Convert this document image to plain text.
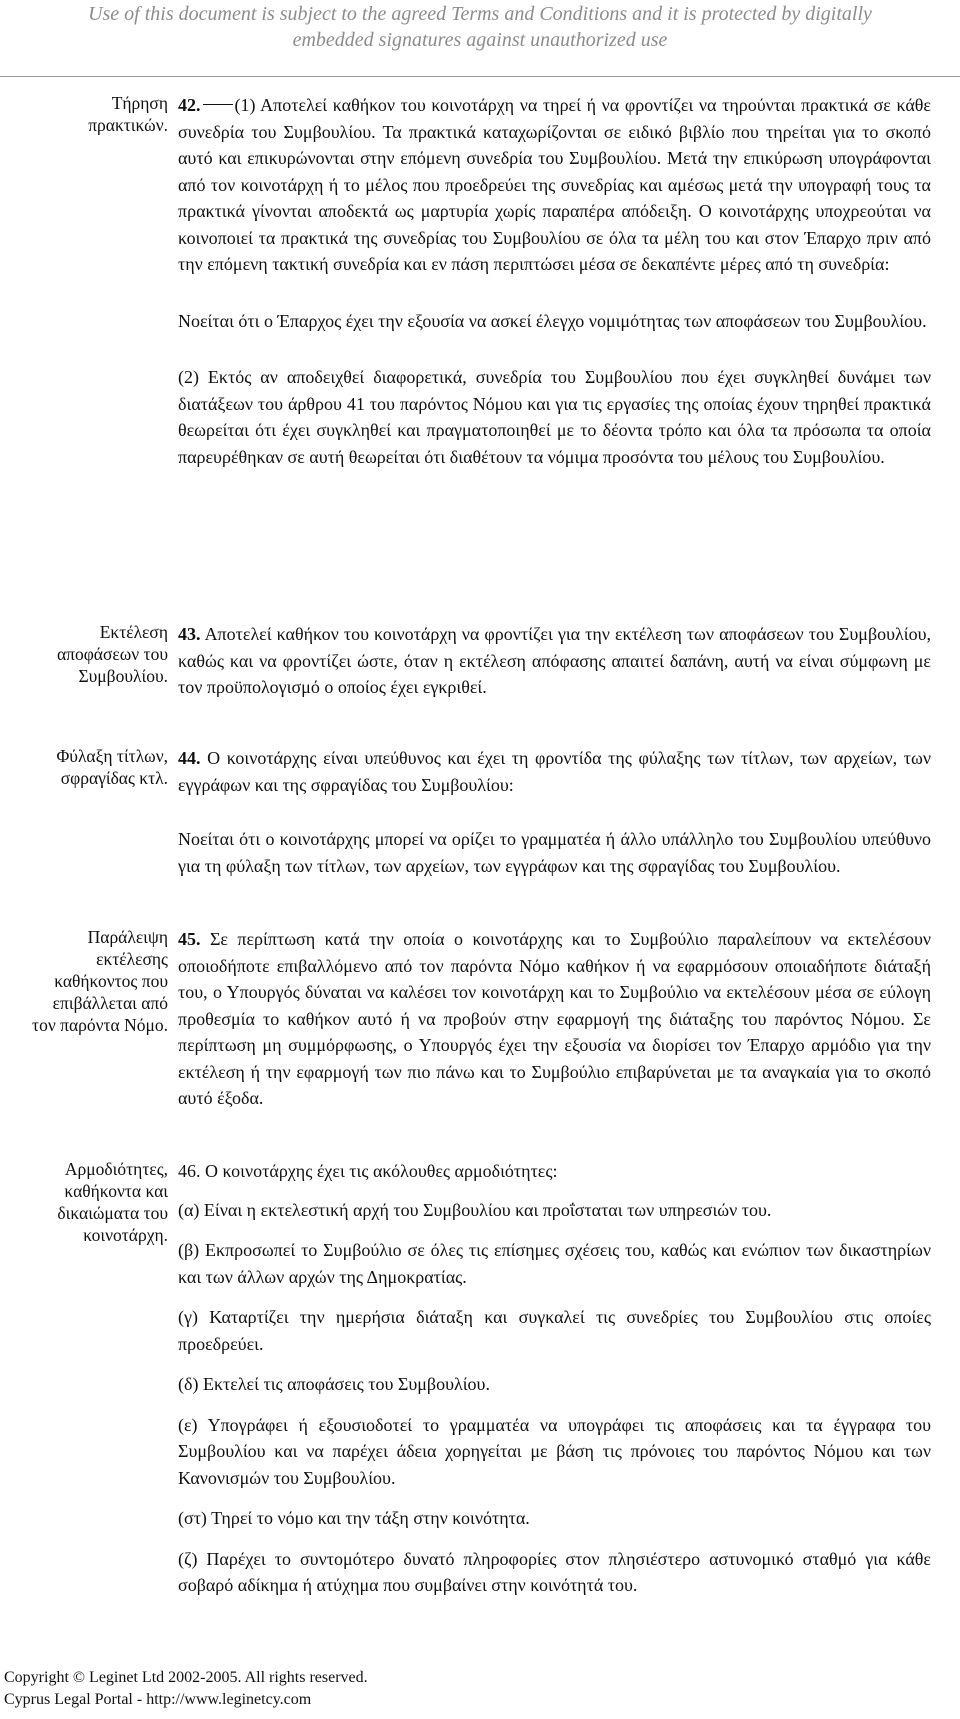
Use of this document is subject to the agreed Terms and Conditions and it is protected by digitally
embedded signatures against unauthorized use
Τήρηση
πρακτικών.

42. (1) Αποτελεί καθήκον του κοινοτάρχη να τηρεί ή να φροντίζει να τηρούνται πρακτικά σε κάθε συνεδρία του Συμβουλίου. Τα πρακτικά καταχωρίζονται σε ειδικό βιβλίο που τηρείται για το σκοπό αυτό και επικυρώνονται στην επόμενη συνεδρία του Συμβουλίου. Μετά την επικύρωση υπογράφονται από τον κοινοτάρχη ή το μέλος που προεδρεύει της συνεδρίας και αμέσως μετά την υπογραφή τους τα πρακτικά γίνονται αποδεκτά ως μαρτυρία χωρίς παραπέρα απόδειξη. Ο κοινοτάρχης υποχρεούται να κοινοποιεί τα πρακτικά της συνεδρίας του Συμβουλίου σε όλα τα μέλη του και στον Έπαρχο πριν από την επόμενη τακτική συνεδρία και εν πάση περιπτώσει μέσα σε δεκαπέντε μέρες από τη συνεδρία:

Νοείται ότι ο Έπαρχος έχει την εξουσία να ασκεί έλεγχο νομιμότητας των αποφάσεων του Συμβουλίου.

(2) Εκτός αν αποδειχθεί διαφορετικά, συνεδρία του Συμβουλίου που έχει συγκληθεί δυνάμει των διατάξεων του άρθρου 41 του παρόντος Νόμου και για τις εργασίες της οποίας έχουν τηρηθεί πρακτικά θεωρείται ότι έχει συγκληθεί και πραγματοποιηθεί με το δέοντα τρόπο και όλα τα πρόσωπα τα οποία παρευρέθηκαν σε αυτή θεωρείται ότι διαθέτουν τα νόμιμα προσόντα του μέλους του Συμβουλίου.

Εκτέλεση
αποφάσεων του
Συμβουλίου.

43. Αποτελεί καθήκον του κοινοτάρχη να φροντίζει για την εκτέλεση των αποφάσεων του Συμβουλίου, καθώς και να φροντίζει ώστε, όταν η εκτέλεση απόφασης απαιτεί δαπάνη, αυτή να είναι σύμφωνη με τον προϋπολογισμό ο οποίος έχει εγκριθεί.

Φύλαξη τίτλων,
σφραγίδας κτλ.

44. Ο κοινοτάρχης είναι υπεύθυνος και έχει τη φροντίδα της φύλαξης των τίτλων, των αρχείων, των εγγράφων και της σφραγίδας του Συμβουλίου:

Νοείται ότι ο κοινοτάρχης μπορεί να ορίζει το γραμματέα ή άλλο υπάλληλο του Συμβουλίου υπεύθυνο για τη φύλαξη των τίτλων, των αρχείων, των εγγράφων και της σφραγίδας του Συμβουλίου.

Παράλειψη
εκτέλεσης
καθήκοντος που
επιβάλλεται από
τον παρόντα Νόμο.

45. Σε περίπτωση κατά την οποία ο κοινοτάρχης και το Συμβούλιο παραλείπουν να εκτελέσουν οποιοδήποτε επιβαλλόμενο από τον παρόντα Νόμο καθήκον ή να εφαρμόσουν οποιαδήποτε διάταξή του, ο Υπουργός δύναται να καλέσει τον κοινοτάρχη και το Συμβούλιο να εκτελέσουν μέσα σε εύλογη προθεσμία το καθήκον αυτό ή να προβούν στην εφαρμογή της διάταξης του παρόντος Νόμου. Σε περίπτωση μη συμμόρφωσης, ο Υπουργός έχει την εξουσία να διορίσει τον Έπαρχο αρμόδιο για την εκτέλεση ή την εφαρμογή των πιο πάνω και το Συμβούλιο επιβαρύνεται με τα αναγκαία για το σκοπό αυτό έξοδα.

Αρμοδιότητες,
καθήκοντα και
δικαιώματα του
κοινοτάρχη.

46. Ο κοινοτάρχης έχει τις ακόλουθες αρμοδιότητες:

(α) Είναι η εκτελεστική αρχή του Συμβουλίου και προΐσταται των υπηρεσιών του.

(β) Εκπροσωπεί το Συμβούλιο σε όλες τις επίσημες σχέσεις του, καθώς και ενώπιον των δικαστηρίων και των άλλων αρχών της Δημοκρατίας.

(γ) Καταρτίζει την ημερήσια διάταξη και συγκαλεί τις συνεδρίες του Συμβουλίου στις οποίες προεδρεύει.

(δ) Εκτελεί τις αποφάσεις του Συμβουλίου.

(ε) Υπογράφει ή εξουσιοδοτεί το γραμματέα να υπογράφει τις αποφάσεις και τα έγγραφα του Συμβουλίου και να παρέχει άδεια χορηγείται με βάση τις πρόνοιες του παρόντος Νόμου και των Κανονισμών του Συμβουλίου.

(στ) Τηρεί το νόμο και την τάξη στην κοινότητα.

(ζ) Παρέχει το συντομότερο δυνατό πληροφορίες στον πλησιέστερο αστυνομικό σταθμό για κάθε σοβαρό αδίκημα ή ατύχημα που συμβαίνει στην κοινότητά του.

Copyright © Leginet Ltd 2002-2005. All rights reserved.
Cyprus Legal Portal - http://www.leginetcy.com
